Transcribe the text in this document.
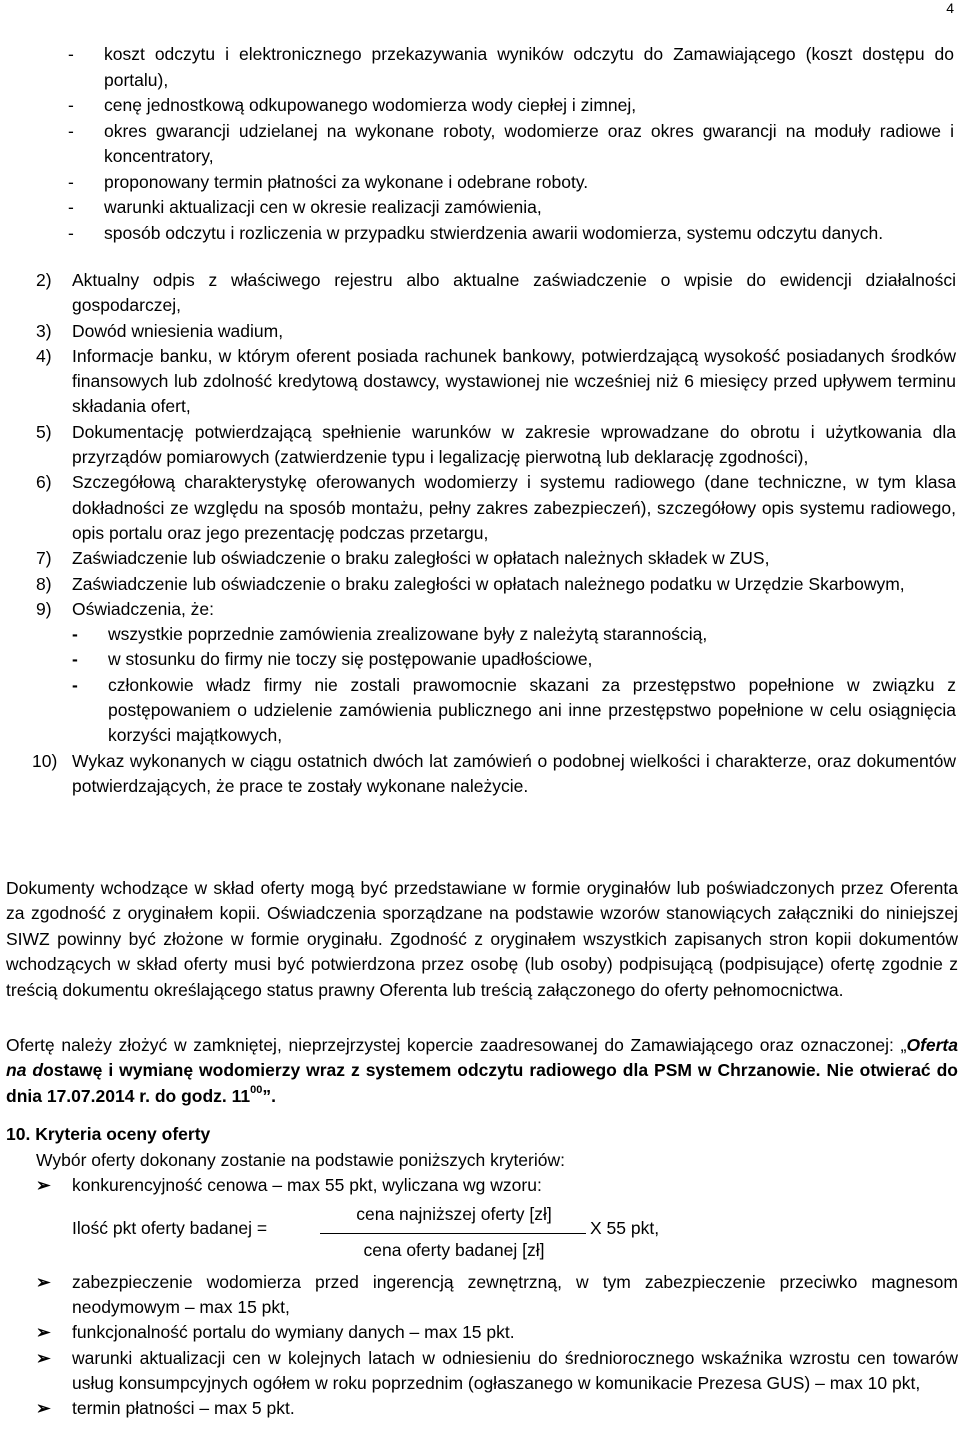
4
- koszt odczytu i elektronicznego przekazywania wyników odczytu do Zamawiającego (koszt dostępu do portalu),
- cenę jednostkową odkupowanego wodomierza wody ciepłej i zimnej,
- okres gwarancji udzielanej na wykonane roboty, wodomierze oraz okres gwarancji na moduły radiowe i koncentratory,
- proponowany termin płatności za wykonane i odebrane roboty.
- warunki aktualizacji cen w okresie realizacji zamówienia,
- sposób odczytu i rozliczenia w przypadku stwierdzenia awarii wodomierza, systemu odczytu danych.
2) Aktualny odpis z właściwego rejestru albo aktualne zaświadczenie o wpisie do ewidencji działalności gospodarczej,
3) Dowód wniesienia wadium,
4) Informacje banku, w którym oferent posiada rachunek bankowy, potwierdzającą wysokość posiadanych środków finansowych lub zdolność kredytową dostawcy, wystawionej nie wcześniej niż 6 miesięcy przed upływem terminu składania ofert,
5) Dokumentację potwierdzającą spełnienie warunków w zakresie wprowadzane do obrotu i użytkowania dla przyrządów pomiarowych (zatwierdzenie typu i legalizację pierwotną lub deklarację zgodności),
6) Szczegółową charakterystykę oferowanych wodomierzy i systemu radiowego (dane techniczne, w tym klasa dokładności ze względu na sposób montażu, pełny zakres zabezpieczeń), szczegółowy opis systemu radiowego, opis portalu oraz jego prezentację podczas przetargu,
7) Zaświadczenie lub oświadczenie o braku zaległości w opłatach należnych składek w ZUS,
8) Zaświadczenie lub oświadczenie o braku zaległości w opłatach należnego podatku w Urzędzie Skarbowym,
9) Oświadczenia, że:
- wszystkie poprzednie zamówienia zrealizowane były z należytą starannością,
- w stosunku do firmy nie toczy się postępowanie upadłościowe,
- członkowie władz firmy nie zostali prawomocnie skazani za przestępstwo popełnione w związku z postępowaniem o udzielenie zamówienia publicznego ani inne przestępstwo popełnione w celu osiągnięcia korzyści majątkowych,
10) Wykaz wykonanych w ciągu ostatnich dwóch lat zamówień o podobnej wielkości i charakterze, oraz dokumentów potwierdzających, że prace te zostały wykonane należycie.
Dokumenty wchodzące w skład oferty mogą być przedstawiane w formie oryginałów lub poświadczonych przez Oferenta za zgodność z oryginałem kopii. Oświadczenia sporządzane na podstawie wzorów stanowiących załączniki do niniejszej SIWZ powinny być złożone w formie oryginału. Zgodność z oryginałem wszystkich zapisanych stron kopii dokumentów wchodzących w skład oferty musi być potwierdzona przez osobę (lub osoby) podpisującą (podpisujące) ofertę zgodnie z treścią dokumentu określającego status prawny Oferenta lub treścią załączonego do oferty pełnomocnictwa.
Ofertę należy złożyć w zamkniętej, nieprzejrzystej kopercie zaadresowanej do Zamawiającego oraz oznaczonej: „Oferta na dostawę i wymianę wodomierzy wraz z systemem odczytu radiowego dla PSM w Chrzanowie. Nie otwierać do dnia 17.07.2014 r. do godz. $11^{00}$”.
10. Kryteria oceny oferty
Wybór oferty dokonany zostanie na podstawie poniższych kryteriów:
➢ konkurencyjność cenowa – max 55 pkt, wyliczana wg wzoru:
Ilość pkt oferty badanej =
cena najniższej oferty [zł]
cena oferty badanej [zł]
X 55 pkt,
➢ zabezpieczenie wodomierza przed ingerencją zewnętrzną, w tym zabezpieczenie przeciwko magnesom neodymowym – max 15 pkt,
➢ funkcjonalność portalu do wymiany danych – max 15 pkt.
➢ warunki aktualizacji cen w kolejnych latach w odniesieniu do średniorocznego wskaźnika wzrostu cen towarów usług konsumpcyjnych ogółem w roku poprzednim (ogłaszanego w komunikacie Prezesa GUS) – max 10 pkt,
➢ termin płatności – max 5 pkt.
